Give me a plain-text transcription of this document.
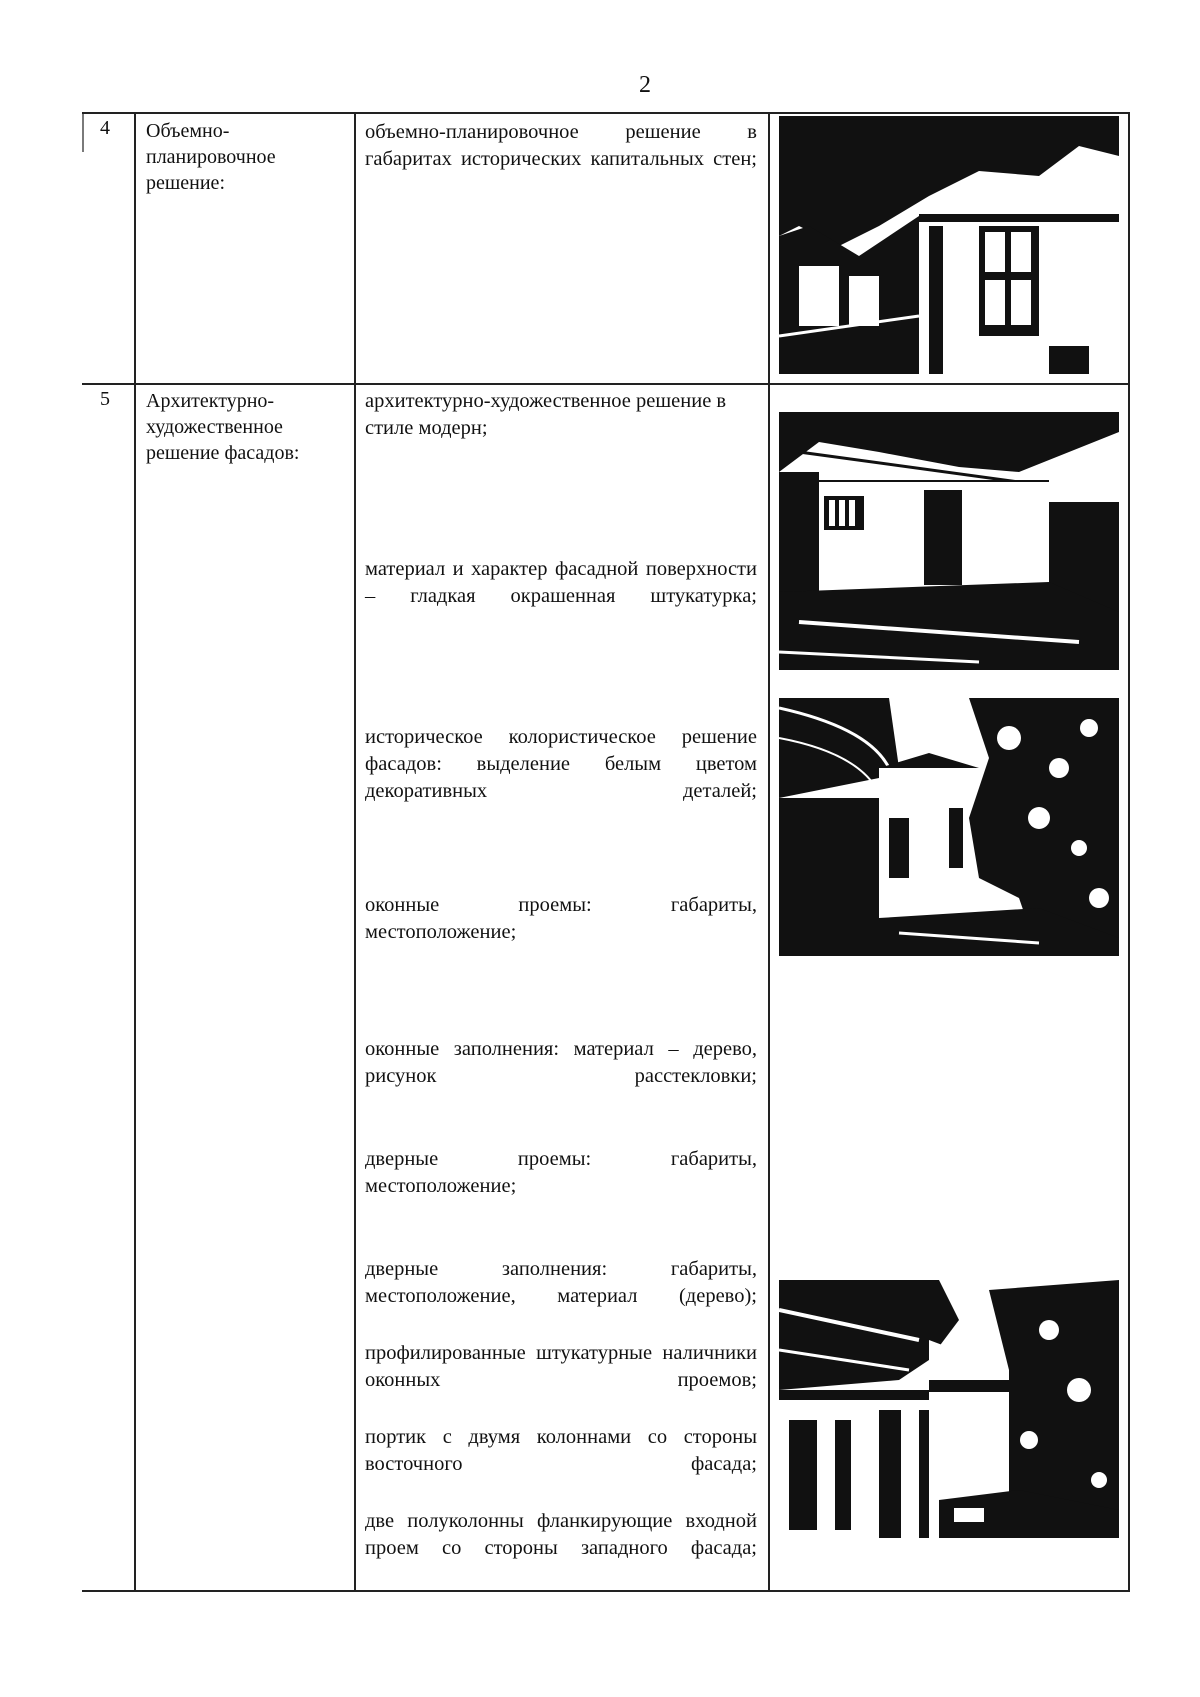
2
4 Объемно-планировочное решение:
объемно-планировочное решение в габаритах исторических капитальных стен;
5 Архитектурно-художественное решение фасадов:
архитектурно-художественное решение в стиле модерн;
материал и характер фасадной поверхности – гладкая окрашенная штукатурка;
историческое колористическое решение фасадов: выделение белым цветом декоративных деталей;
оконные проемы: габариты, местоположение;
оконные заполнения: материал – дерево, рисунок расстекловки;
дверные проемы: габариты, местоположение;
дверные заполнения: габариты, местоположение, материал (дерево);
профилированные штукатурные наличники оконных проемов;
портик с двумя колоннами со стороны восточного фасада;
две полуколонны фланкирующие входной проем со стороны западного фасада;
